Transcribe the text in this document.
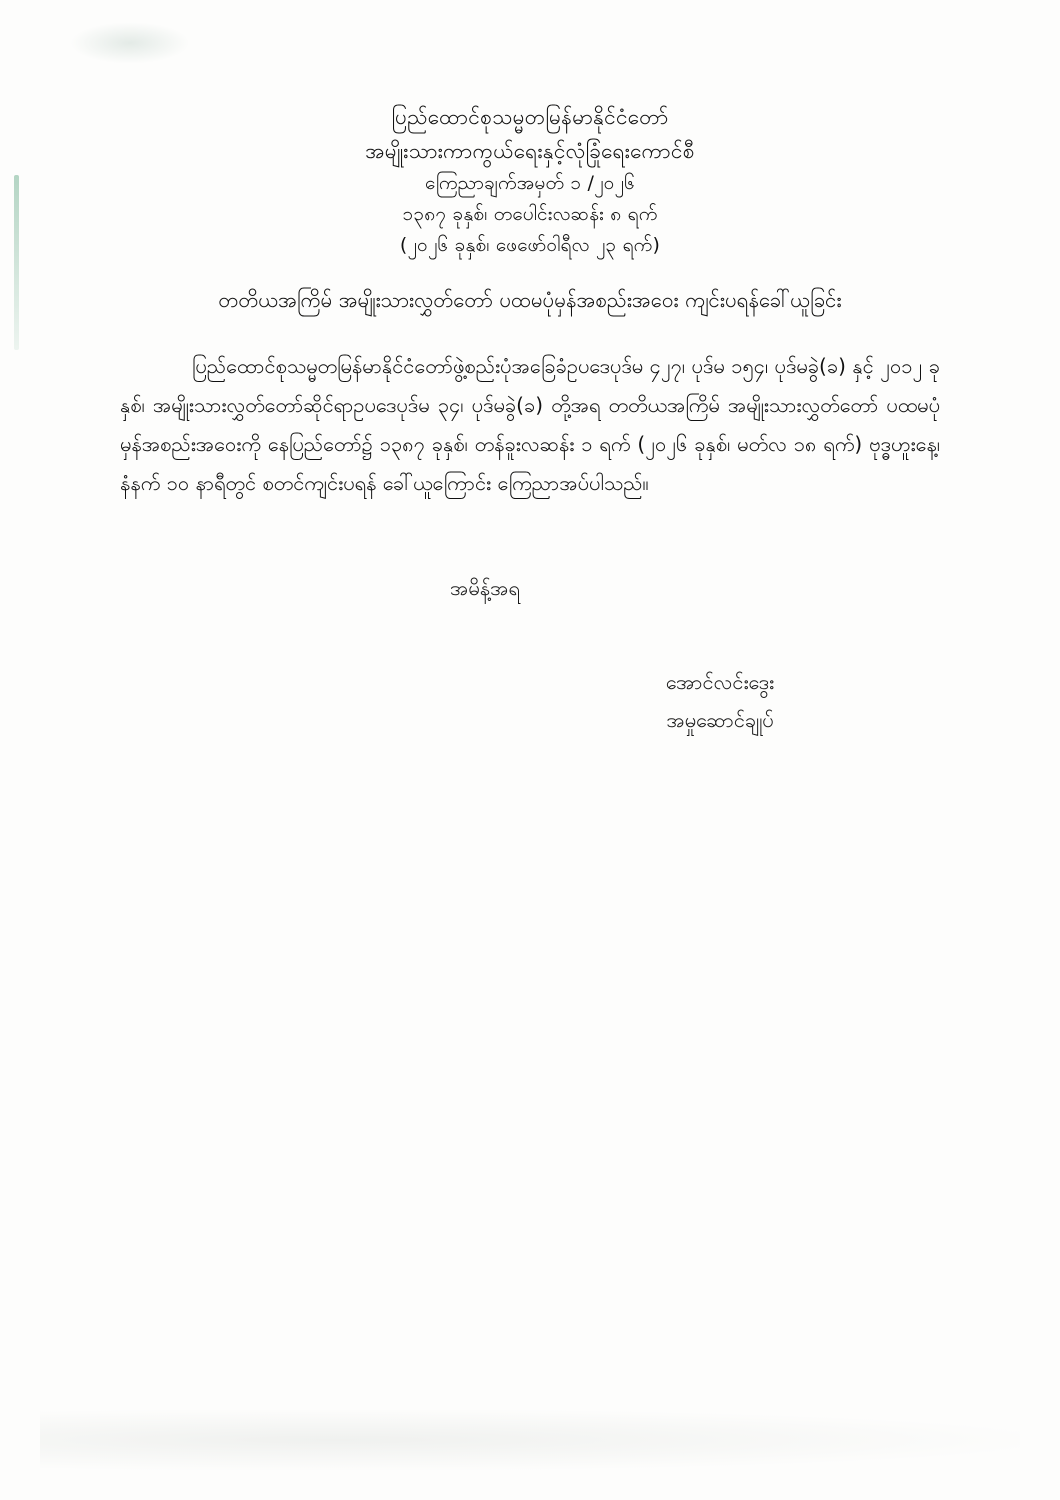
ပြည်ထောင်စုသမ္မတမြန်မာနိုင်ငံတော်
အမျိုးသားကာကွယ်ရေးနှင့်လုံခြုံရေးကောင်စီ
ကြေညာချက်အမှတ် ၁ /၂၀၂၆
၁၃၈၇ ခုနှစ်၊ တပေါင်းလဆန်း ၈ ရက်
(၂၀၂၆ ခုနှစ်၊ ဖေဖော်ဝါရီလ ၂၃ ရက်)
တတိယအကြိမ် အမျိုးသားလွှတ်တော် ပထမပုံမှန်အစည်းအဝေး ကျင်းပရန်ခေါ်ယူခြင်း

ပြည်ထောင်စုသမ္မတမြန်မာနိုင်ငံတော်ဖွဲ့စည်းပုံအခြေခံဥပဒေပုဒ်မ ၄၂၇၊ ပုဒ်မ ၁၅၄၊ ပုဒ်မခွဲ(ခ) နှင့် ၂၀၁၂ ခုနှစ်၊ အမျိုးသားလွှတ်တော်ဆိုင်ရာဥပဒေပုဒ်မ ၃၄၊ ပုဒ်မခွဲ(ခ) တို့အရ တတိယအကြိမ် အမျိုးသားလွှတ်တော် ပထမပုံမှန်အစည်းအဝေးကို နေပြည်တော်၌ ၁၃၈၇ ခုနှစ်၊ တန်ခူးလဆန်း ၁ ရက် (၂၀၂၆ ခုနှစ်၊ မတ်လ ၁၈ ရက်) ဗုဒ္ဓဟူးနေ့၊ နံနက် ၁၀ နာရီတွင် စတင်ကျင်းပရန် ခေါ်ယူကြောင်း ကြေညာအပ်ပါသည်။

အမိန့်အရ
အောင်လင်းဒွေး
အမှုဆောင်ချုပ်
